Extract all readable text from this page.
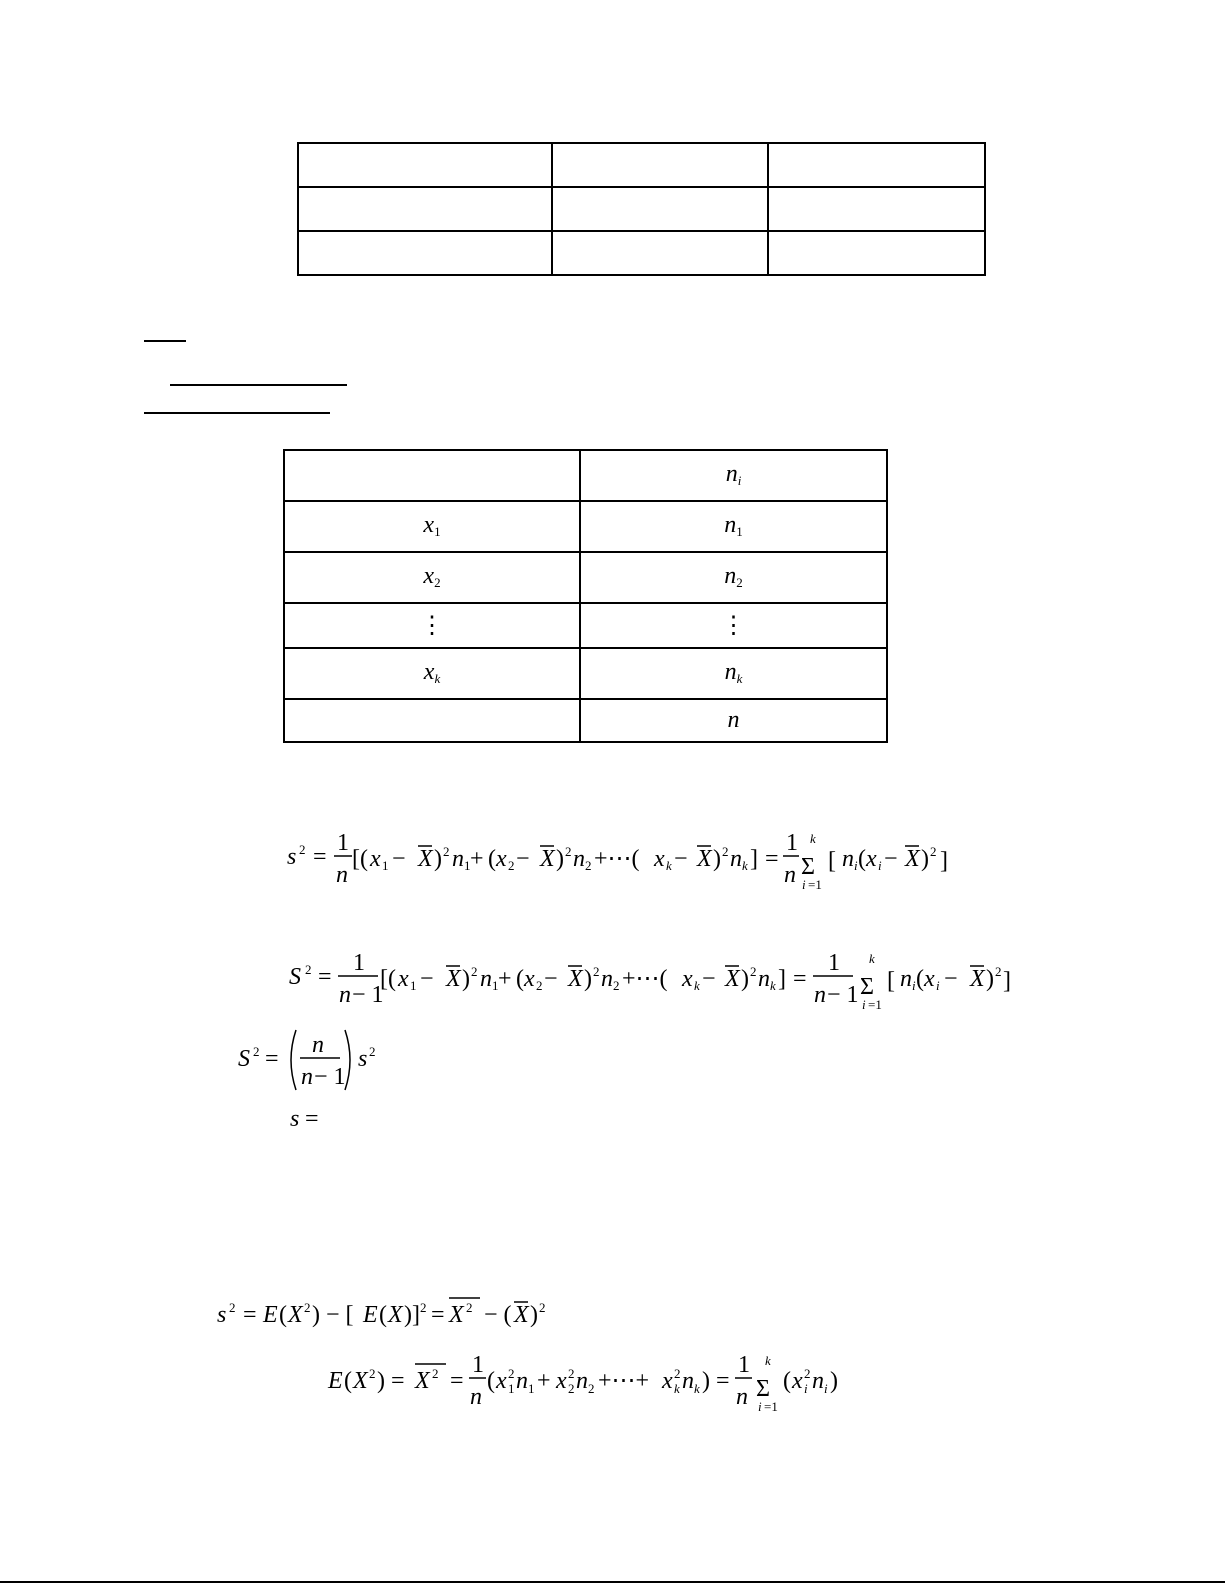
	$n_i$
$x_1$	$n_1$
$x_2$	$n_2$
⋮	⋮
$x_k$	$n_k$
	n
s 2 =
1
n
[( x 1 − X ) 2 n 1 + ( x 2 − X ) 2 n 2 +⋯( x k − X ) 2 n k ] =
1
n Σ
k
i =1
[ n i ( x i − X ) 2 ]
S 2 =
1
n − 1
[( x 1 − X ) 2 n 1 + ( x 2 − X ) 2 n 2 +⋯( x k − X ) 2 n k ] =
1
n − 1 Σ
k
i =1
[ n i ( x i − X ) 2 ]
S 2 =
n
n − 1
s 2
s =
s 2 = E ( X 2 ) − [ E ( X )] 2 = X 2 − ( X ) 2
E ( X 2 ) = X 2 =
1
n
( x 2
1 n 1 + x 2
2 n 2 +⋯+ x 2
k n k ) =
1
n Σ
k
i =1
( x 2
i n i )
